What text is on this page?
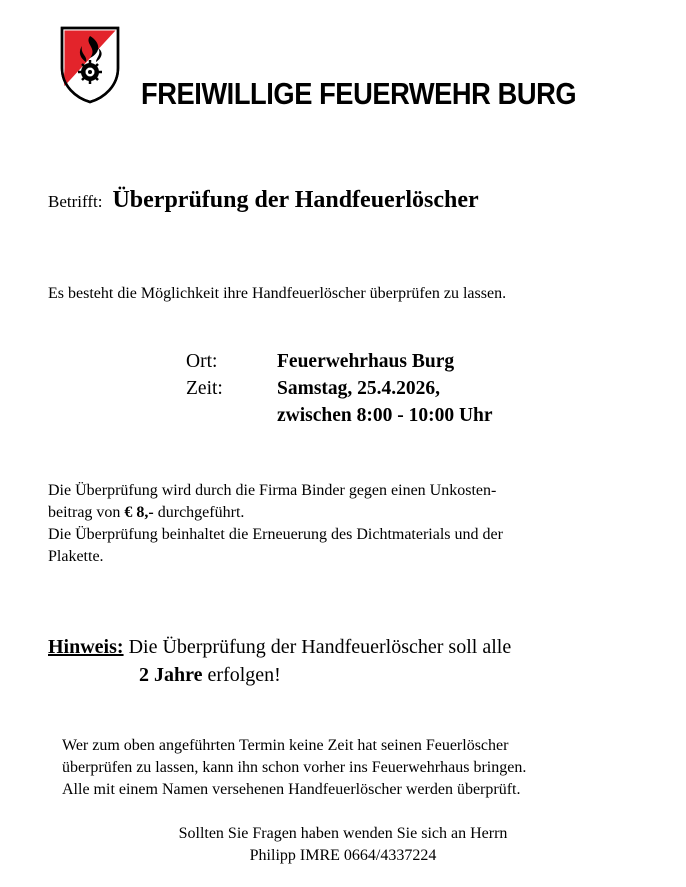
FREIWILLIGE FEUERWEHR BURG
Betrifft: Überprüfung der Handfeuerlöscher
Es besteht die Möglichkeit ihre Handfeuerlöscher überprüfen zu lassen.
Ort:	Feuerwehrhaus Burg
Zeit:	Samstag, 25.4.2026,
zwischen 8:00 - 10:00 Uhr
Die Überprüfung wird durch die Firma Binder gegen einen Unkosten-
beitrag von € 8,- durchgeführt.
Die Überprüfung beinhaltet die Erneuerung des Dichtmaterials und der
Plakette.
Hinweis: Die Überprüfung der Handfeuerlöscher soll alle
2 Jahre erfolgen!
Wer zum oben angeführten Termin keine Zeit hat seinen Feuerlöscher
überprüfen zu lassen, kann ihn schon vorher ins Feuerwehrhaus bringen.
Alle mit einem Namen versehenen Handfeuerlöscher werden überprüft.
Sollten Sie Fragen haben wenden Sie sich an Herrn
Philipp IMRE 0664/4337224
